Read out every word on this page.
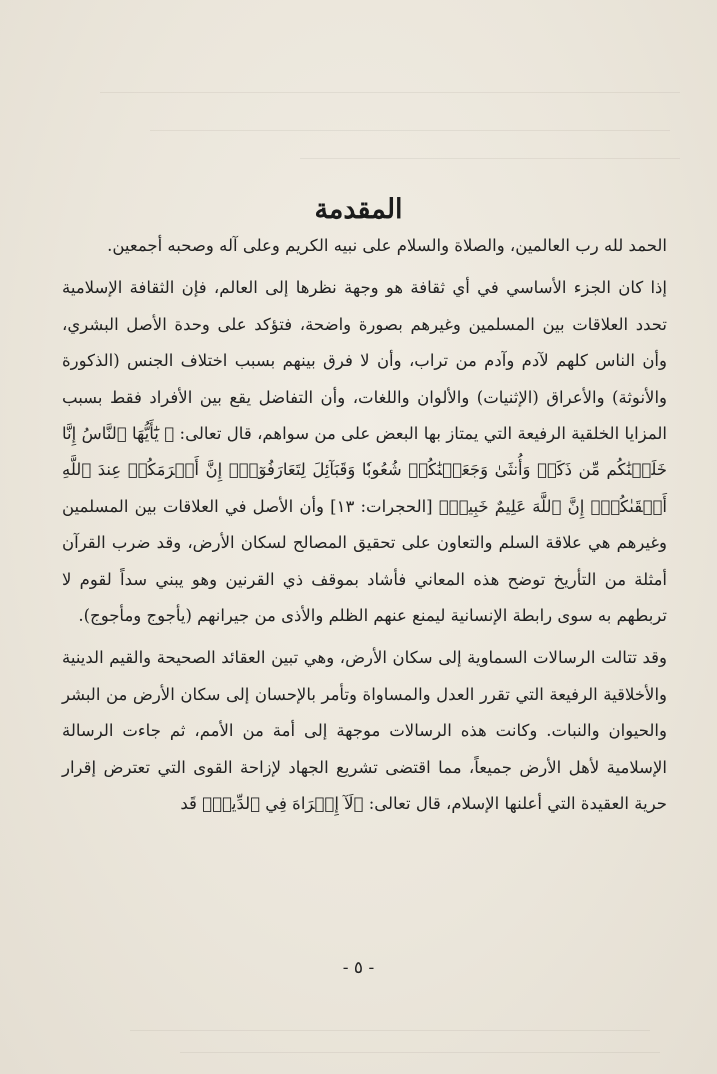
المقدمة

الحمد لله رب العالمين، والصلاة والسلام على نبيه الكريم وعلى آله وصحبه أجمعين.

إذا كان الجزء الأساسي في أي ثقافة هو وجهة نظرها إلى العالم، فإن الثقافة الإسلامية تحدد العلاقات بين المسلمين وغيرهم بصورة واضحة، فتؤكد على وحدة الأصل البشري، وأن الناس كلهم لآدم وآدم من تراب، وأن لا فرق بينهم بسبب اختلاف الجنس (الذكورة والأنوثة) والأعراق (الإثنيات) والألوان واللغات، وأن التفاضل يقع بين الأفراد فقط بسبب المزايا الخلقية الرفيعة التي يمتاز بها البعض على من سواهم، قال تعالى: ﴿ يَٰٓأَيُّهَا ٱلنَّاسُ إِنَّا خَلَقۡنَٰكُم مِّن ذَكَرٖ وَأُنثَىٰ وَجَعَلۡنَٰكُمۡ شُعُوبٗا وَقَبَآئِلَ لِتَعَارَفُوٓاْۚ إِنَّ أَكۡرَمَكُمۡ عِندَ ٱللَّهِ أَتۡقَىٰكُمۡۚ إِنَّ ٱللَّهَ عَلِيمٌ خَبِيرٞ﴾ [الحجرات: ١٣] وأن الأصل في العلاقات بين المسلمين وغيرهم هي علاقة السلم والتعاون على تحقيق المصالح لسكان الأرض، وقد ضرب القرآن أمثلة من التأريخ توضح هذه المعاني فأشاد بموقف ذي القرنين وهو يبني سداً لقوم لا تربطهم به سوى رابطة الإنسانية ليمنع عنهم الظلم والأذى من جيرانهم (يأجوج ومأجوج).

وقد تتالت الرسالات السماوية إلى سكان الأرض، وهي تبين العقائد الصحيحة والقيم الدينية والأخلاقية الرفيعة التي تقرر العدل والمساواة وتأمر بالإحسان إلى سكان الأرض من البشر والحيوان والنبات. وكانت هذه الرسالات موجهة إلى أمة من الأمم، ثم جاءت الرسالة الإسلامية لأهل الأرض جميعاً، مما اقتضى تشريع الجهاد لإزاحة القوى التي تعترض إقرار حرية العقيدة التي أعلنها الإسلام، قال تعالى: ﴿لَآ إِكۡرَاهَ فِي ٱلدِّينِۖ قَد

- ٥ -
